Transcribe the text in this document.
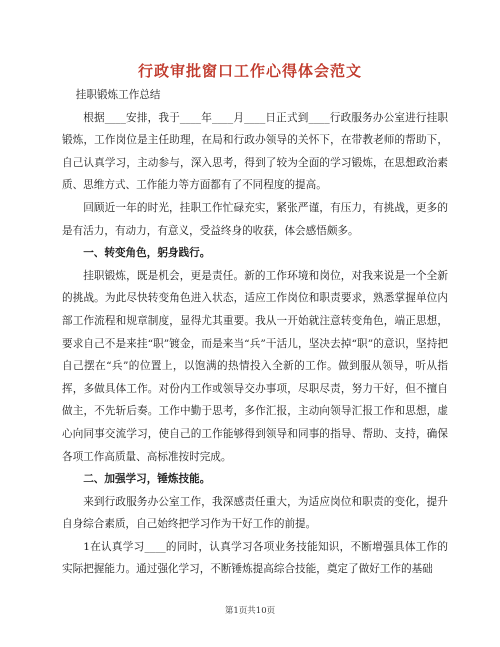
行政审批窗口工作心得体会范文

挂职锻炼工作总结

根据____安排，我于____年____月____日正式到____行政服务办公室进行挂职锻炼，工作岗位是主任助理，在局和行政办领导的关怀下，在带教老师的帮助下，自己认真学习，主动参与，深入思考，得到了较为全面的学习锻炼，在思想政治素质、思维方式、工作能力等方面都有了不同程度的提高。

回顾近一年的时光，挂职工作忙碌充实，紧张严谨，有压力，有挑战，更多的是有活力，有动力，有意义，受益终身的收获，体会感悟颇多。

一、转变角色，躬身践行。

挂职锻炼，既是机会，更是责任。新的工作环境和岗位，对我来说是一个全新的挑战。为此尽快转变角色进入状态，适应工作岗位和职责要求，熟悉掌握单位内部工作流程和规章制度，显得尤其重要。我从一开始就注意转变角色，端正思想，要求自己不是来挂“职”镀金，而是来当“兵”干活儿，坚决去掉“职”的意识，坚持把自己摆在“兵”的位置上，以饱满的热情投入全新的工作。做到服从领导，听从指挥，多做具体工作。对份内工作或领导交办事项，尽职尽责，努力干好，但不擅自做主，不先斩后奏。工作中勤于思考，多作汇报，主动向领导汇报工作和思想，虚心向同事交流学习，使自己的工作能够得到领导和同事的指导、帮助、支持，确保各项工作高质量、高标准按时完成。

二、加强学习，锤炼技能。

来到行政服务办公室工作，我深感责任重大，为适应岗位和职责的变化，提升自身综合素质，自己始终把学习作为干好工作的前提。

1在认真学习____的同时，认真学习各项业务技能知识，不断增强具体工作的实际把握能力。通过强化学习，不断锤炼提高综合技能，奠定了做好工作的基础

第1页共10页
